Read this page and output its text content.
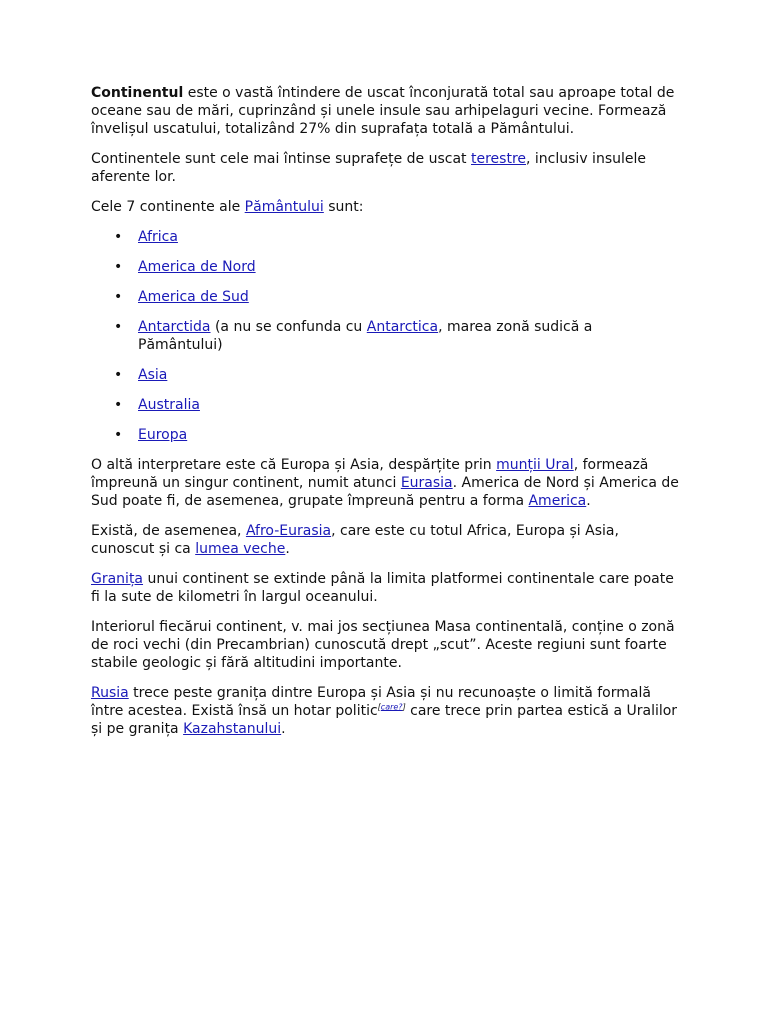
Continentul este o vastă întindere de uscat înconjurată total sau aproape total de oceane sau de mări, cuprinzând și unele insule sau arhipelaguri vecine. Formează învelișul uscatului, totalizând 27% din suprafața totală a Pământului.

Continentele sunt cele mai întinse suprafețe de uscat terestre, inclusiv insulele aferente lor.

Cele 7 continente ale Pământului sunt:

• Africa
• America de Nord
• America de Sud
• Antarctida (a nu se confunda cu Antarctica, marea zonă sudică a Pământului)
• Asia
• Australia
• Europa

O altă interpretare este că Europa și Asia, despărțite prin munții Ural, formează împreună un singur continent, numit atunci Eurasia. America de Nord și America de Sud poate fi, de asemenea, grupate împreună pentru a forma America.

Există, de asemenea, Afro-Eurasia, care este cu totul Africa, Europa și Asia, cunoscut și ca lumea veche.

Granița unui continent se extinde până la limita platformei continentale care poate fi la sute de kilometri în largul oceanului.

Interiorul fiecărui continent, v. mai jos secțiunea Masa continentală, conține o zonă de roci vechi (din Precambrian) cunoscută drept „scut”. Aceste regiuni sunt foarte stabile geologic și fără altitudini importante.

Rusia trece peste granița dintre Europa și Asia și nu recunoaște o limită formală între acestea. Există însă un hotar politic[care?] care trece prin partea estică a Uralilor și pe granița Kazahstanului.
